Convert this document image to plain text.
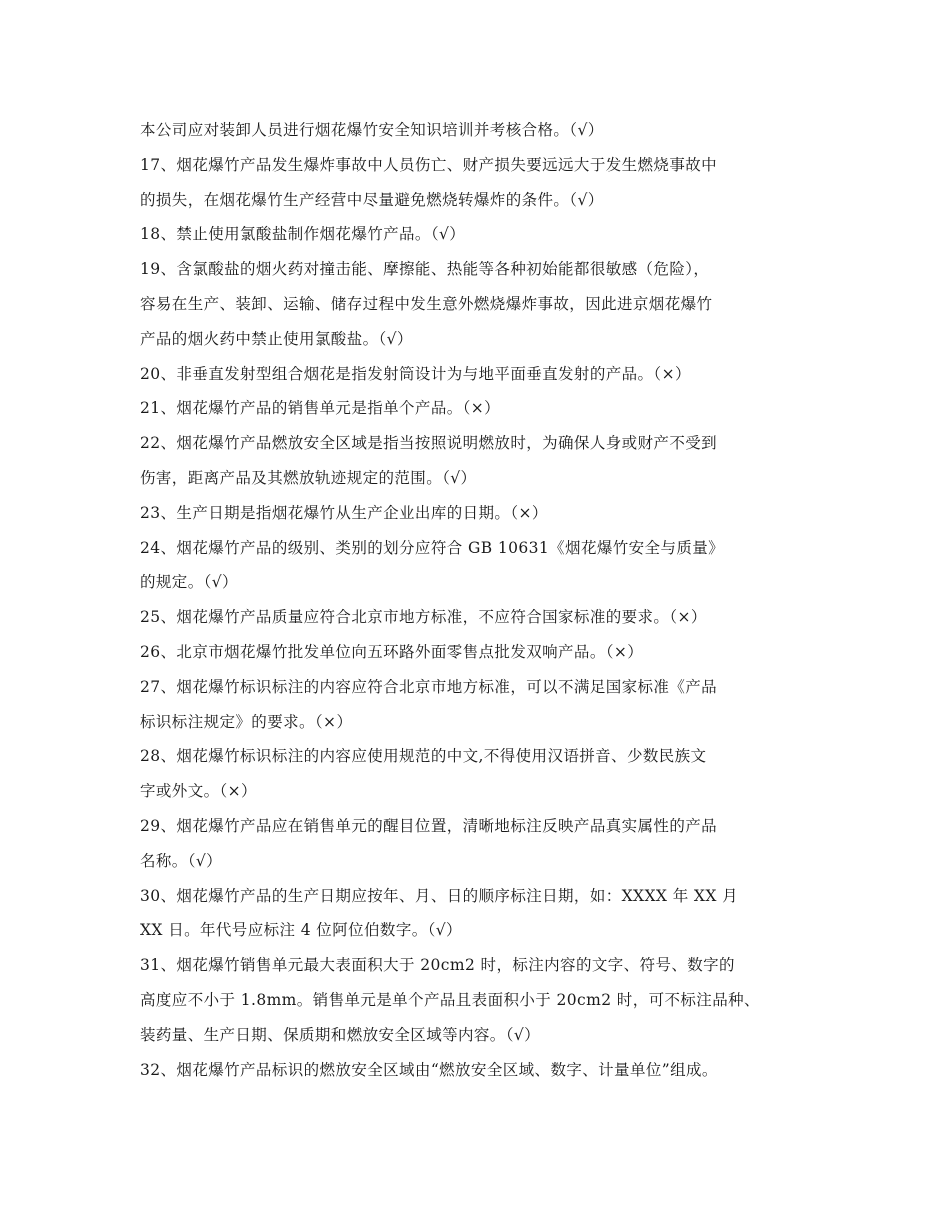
本公司应对装卸人员进行烟花爆竹安全知识培训并考核合格。（√）
17、烟花爆竹产品发生爆炸事故中人员伤亡、财产损失要远远大于发生燃烧事故中
的损失，在烟花爆竹生产经营中尽量避免燃烧转爆炸的条件。（√）
18、禁止使用氯酸盐制作烟花爆竹产品。（√）
19、含氯酸盐的烟火药对撞击能、摩擦能、热能等各种初始能都很敏感（危险），
容易在生产、装卸、运输、储存过程中发生意外燃烧爆炸事故，因此进京烟花爆竹
产品的烟火药中禁止使用氯酸盐。（√）
20、非垂直发射型组合烟花是指发射筒设计为与地平面垂直发射的产品。（×）
21、烟花爆竹产品的销售单元是指单个产品。（×）
22、烟花爆竹产品燃放安全区域是指当按照说明燃放时，为确保人身或财产不受到
伤害，距离产品及其燃放轨迹规定的范围。（√）
23、生产日期是指烟花爆竹从生产企业出库的日期。（×）
24、烟花爆竹产品的级别、类别的划分应符合 GB 10631《烟花爆竹安全与质量》
的规定。（√）
25、烟花爆竹产品质量应符合北京市地方标准，不应符合国家标准的要求。（×）
26、北京市烟花爆竹批发单位向五环路外面零售点批发双响产品。（×）
27、烟花爆竹标识标注的内容应符合北京市地方标准，可以不满足国家标准《产品
标识标注规定》的要求。（×）
28、烟花爆竹标识标注的内容应使用规范的中文,不得使用汉语拼音、少数民族文
字或外文。（×）
29、烟花爆竹产品应在销售单元的醒目位置，清晰地标注反映产品真实属性的产品
名称。（√）
30、烟花爆竹产品的生产日期应按年、月、日的顺序标注日期，如：XXXX 年 XX 月
XX 日。年代号应标注 4 位阿位伯数字。（√）
31、烟花爆竹销售单元最大表面积大于 20cm2 时，标注内容的文字、符号、数字的
高度应不小于 1.8mm。销售单元是单个产品且表面积小于 20cm2 时，可不标注品种、
装药量、生产日期、保质期和燃放安全区域等内容。（√）
32、烟花爆竹产品标识的燃放安全区域由“燃放安全区域、数字、计量单位”组成。
